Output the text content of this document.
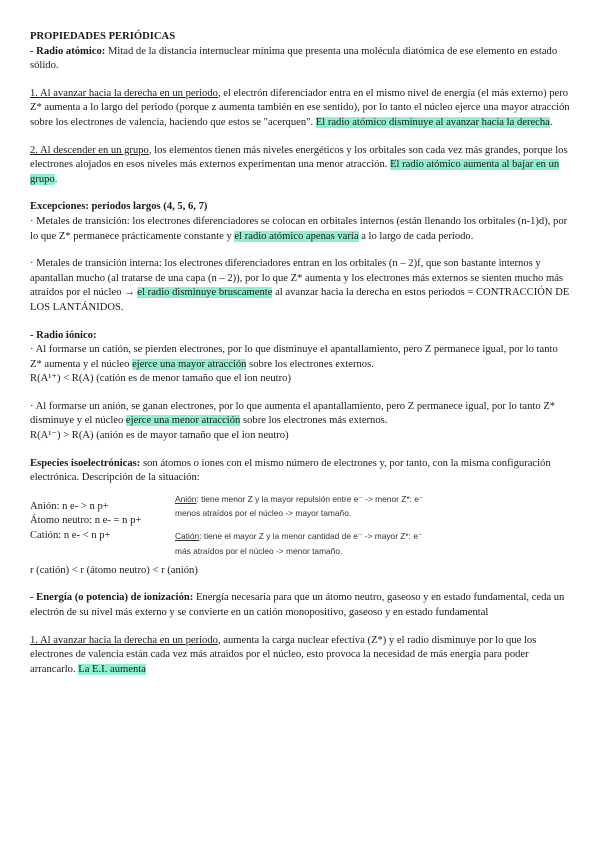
PROPIEDADES PERIÓDICAS

- Radio atómico: Mitad de la distancia internuclear mínima que presenta una molécula diatómica de ese elemento en estado sólido.

1. Al avanzar hacia la derecha en un periodo, el electrón diferenciador entra en el mismo nivel de energía (el más externo) pero Z* aumenta a lo largo del periodo (porque z aumenta también en ese sentido), por lo tanto el núcleo ejerce una mayor atracción sobre los electrones de valencia, haciendo que estos se "acerquen". El radio atómico disminuye al avanzar hacia la derecha.

2. Al descender en un grupo, los elementos tienen más niveles energéticos y los orbitales son cada vez más grandes, porque los electrones alojados en esos niveles más externos experimentan una menor atracción. El radio atómico aumenta al bajar en un grupo.

Excepciones: periodos largos (4, 5, 6, 7)

· Metales de transición: los electrones diferenciadores se colocan en orbitales internos (están llenando los orbitales (n-1)d), por lo que Z* permanece prácticamente constante y el radio atómico apenas varía a lo largo de cada periodo.

· Metales de transición interna: los electrones diferenciadores entran en los orbitales (n – 2)f, que son bastante internos y apantallan mucho (al tratarse de una capa (n – 2)), por lo que Z* aumenta y los electrones más externos se sienten mucho más atraídos por el núcleo → el radio disminuye bruscamente al avanzar hacia la derecha en estos periodos = CONTRACCIÓN DE LOS LANTÁNIDOS.

- Radio iónico:

· Al formarse un catión, se pierden electrones, por lo que disminuye el apantallamiento, pero Z permanece igual, por lo tanto Z* aumenta y el núcleo ejerce una mayor atracción sobre los electrones externos.

R(A¹⁺) < R(A) (catión es de menor tamaño que el ion neutro)

· Al formarse un anión, se ganan electrones, por lo que aumenta el apantallamiento, pero Z permanece igual, por lo tanto Z* disminuye y el núcleo ejerce una menor atracción sobre los electrones más externos.

R(A¹⁻) > R(A) (anión es de mayor tamaño que el ion neutro)

Especies isoelectrónicas: son átomos o iones con el mismo número de electrones y, por tanto, con la misma configuración electrónica. Descripción de la situación:

Anión: n e- > n p+

Átomo neutro: n e- = n p+

Catión: n e- < n p+

Anión: tiene menor Z y la mayor repulsión entre e⁻ -> menor Z*: e⁻

menos atraídos por el núcleo -> mayor tamaño.

Catión: tiene el mayor Z y la menor cantidad de e⁻ -> mayor Z*: e⁻

más atraídos por el núcleo -> menor tamaño.

r (catión) < r (átomo neutro) < r (anión)

- Energía (o potencia) de ionización: Energía necesaria para que un átomo neutro, gaseoso y en estado fundamental, ceda un electrón de su nivel más externo y se convierte en un catión monopositivo, gaseoso y en estado fundamental

1. Al avanzar hacia la derecha en un periodo, aumenta la carga nuclear efectiva (Z*) y el radio disminuye por lo que los electrones de valencia están cada vez más atraídos por el núcleo, esto provoca la necesidad de más energía para poder arrancarlo. La E.I. aumenta
